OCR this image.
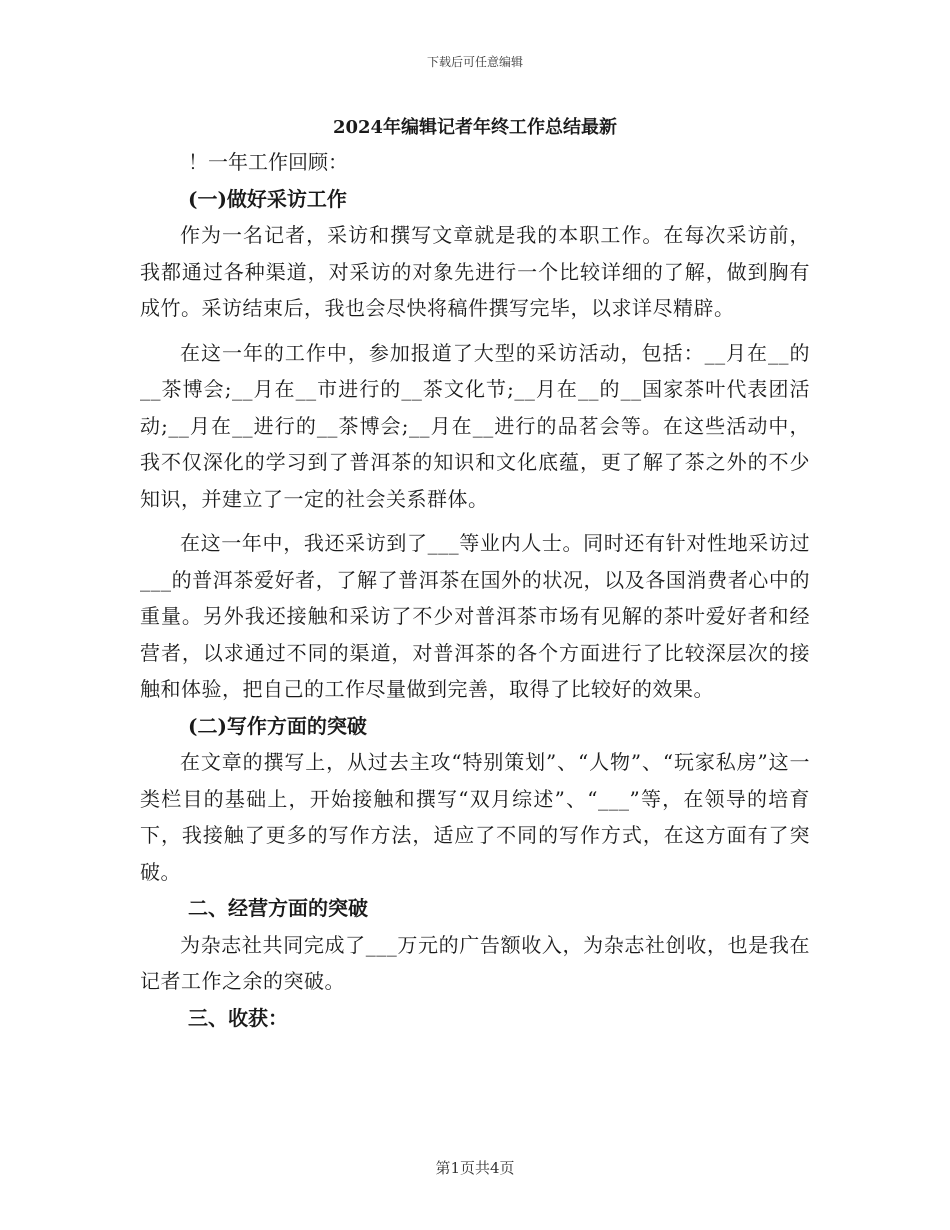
下载后可任意编辑
2024年编辑记者年终工作总结最新

！一年工作回顾：

(一)做好采访工作

作为一名记者，采访和撰写文章就是我的本职工作。在每次采访前，我都通过各种渠道，对采访的对象先进行一个比较详细的了解，做到胸有成竹。采访结束后，我也会尽快将稿件撰写完毕，以求详尽精辟。

在这一年的工作中，参加报道了大型的采访活动，包括：__月在__的__茶博会;__月在__市进行的__茶文化节;__月在__的__国家茶叶代表团活动;__月在__进行的__茶博会;__月在__进行的品茗会等。在这些活动中，我不仅深化的学习到了普洱茶的知识和文化底蕴，更了解了茶之外的不少知识，并建立了一定的社会关系群体。

在这一年中，我还采访到了___等业内人士。同时还有针对性地采访过___的普洱茶爱好者，了解了普洱茶在国外的状况，以及各国消费者心中的重量。另外我还接触和采访了不少对普洱茶市场有见解的茶叶爱好者和经营者，以求通过不同的渠道，对普洱茶的各个方面进行了比较深层次的接触和体验，把自己的工作尽量做到完善，取得了比较好的效果。

(二)写作方面的突破

在文章的撰写上，从过去主攻“特别策划”、“人物”、“玩家私房”这一类栏目的基础上，开始接触和撰写“双月综述”、“___”等，在领导的培育下，我接触了更多的写作方法，适应了不同的写作方式，在这方面有了突破。

二、经营方面的突破

为杂志社共同完成了___万元的广告额收入，为杂志社创收，也是我在记者工作之余的突破。

三、收获：

第1页共4页
